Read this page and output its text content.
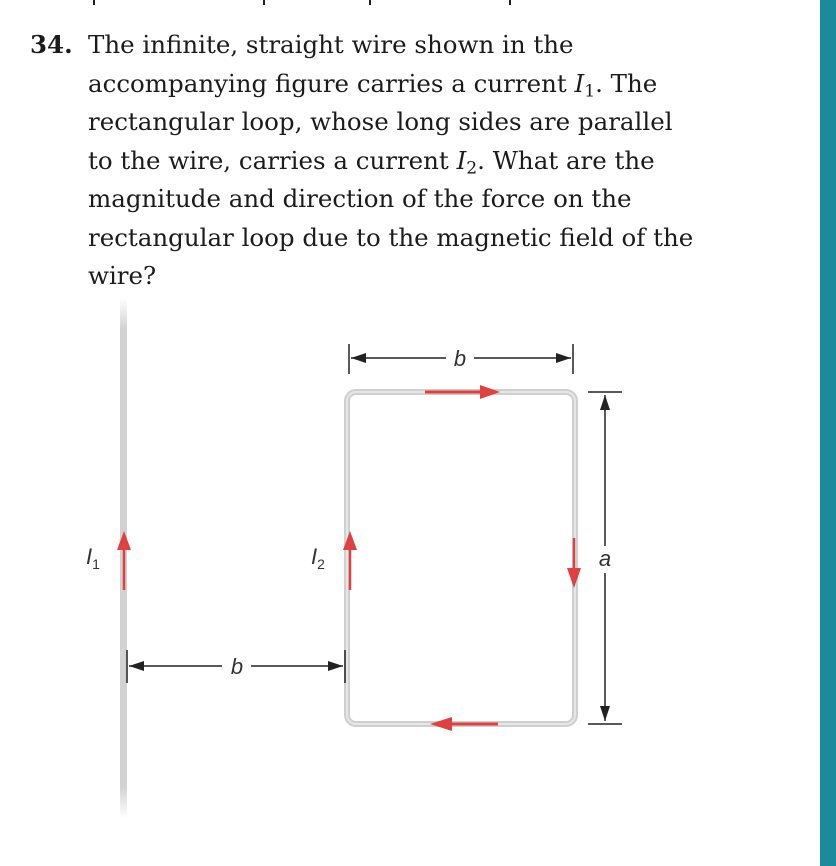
34. The infinite, straight wire shown in the
accompanying figure carries a current $I_1$. The
rectangular loop, whose long sides are parallel
to the wire, carries a current $I_2$. What are the
magnitude and direction of the force on the
rectangular loop due to the magnetic field of the
wire?
$I_1$	$I_2$
b
b
a
